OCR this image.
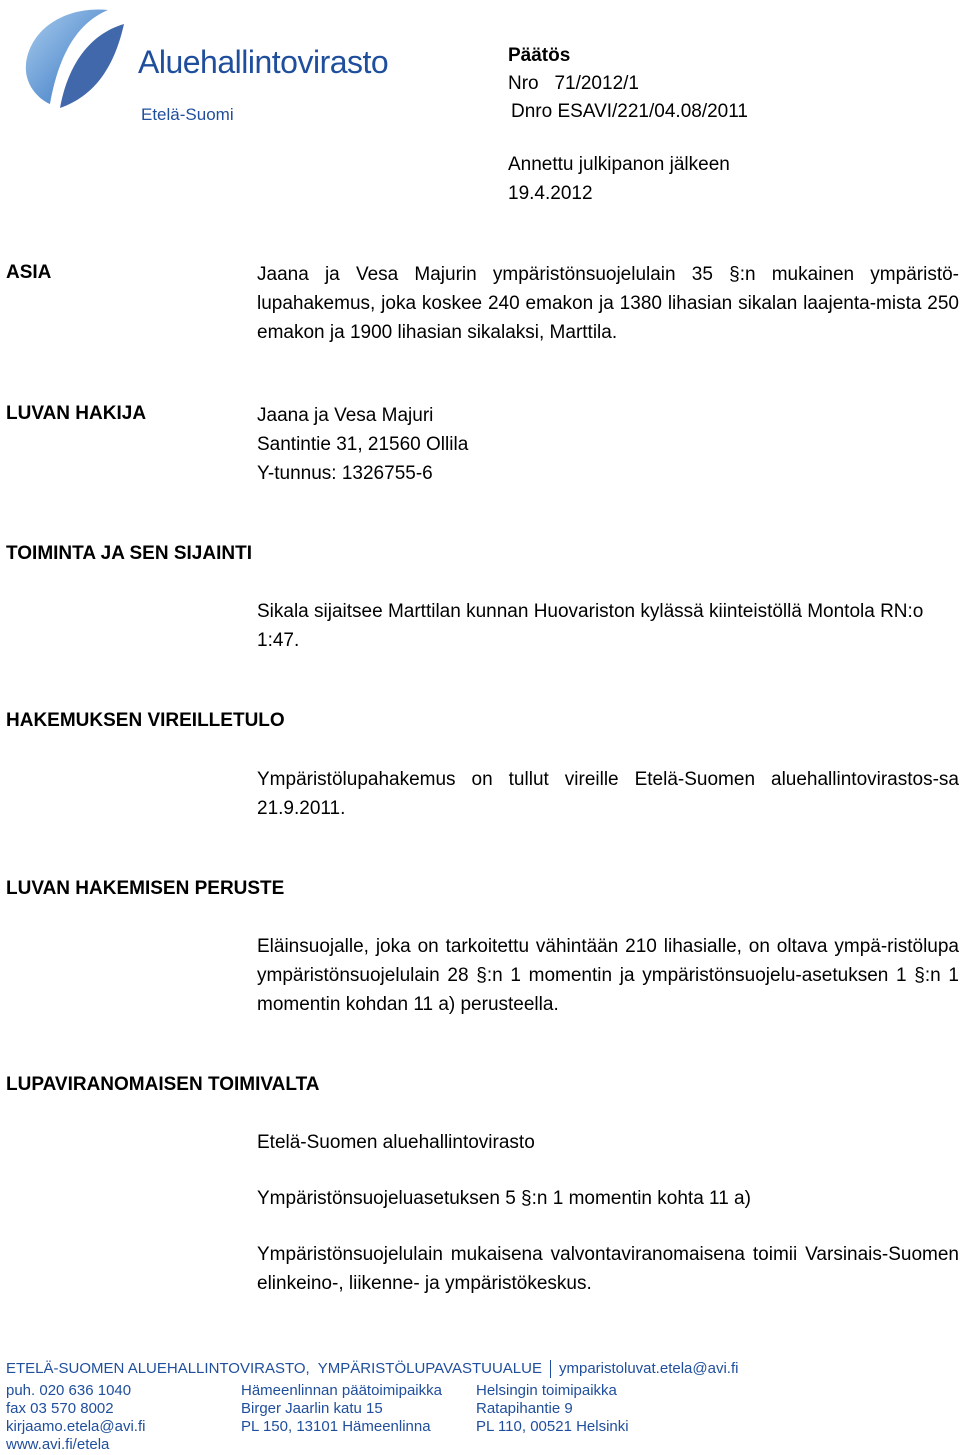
Aluehallintovirasto
Etelä-Suomi
Päätös
Nro   71/2012/1
Dnro ESAVI/221/04.08/2011
Annettu julkipanon jälkeen
19.4.2012
ASIA	Jaana ja Vesa Majurin ympäristönsuojelulain 35 §:n mukainen ympäristö-lupahakemus, joka koskee 240 emakon ja 1380 lihasian sikalan laajenta-mista 250 emakon ja 1900 lihasian sikalaksi, Marttila.
LUVAN HAKIJA	Jaana ja Vesa Majuri
Santintie 31, 21560 Ollila
Y-tunnus: 1326755-6
TOIMINTA JA SEN SIJAINTI
Sikala sijaitsee Marttilan kunnan Huovariston kylässä kiinteistöllä Montola RN:o 1:47.
HAKEMUKSEN VIREILLETULO
Ympäristölupahakemus on tullut vireille Etelä-Suomen aluehallintovirastos-sa 21.9.2011.
LUVAN HAKEMISEN PERUSTE
Eläinsuojalle, joka on tarkoitettu vähintään 210 lihasialle, on oltava ympä-ristölupa ympäristönsuojelulain 28 §:n 1 momentin ja ympäristönsuojelu-asetuksen 1 §:n 1 momentin kohdan 11 a) perusteella.
LUPAVIRANOMAISEN TOIMIVALTA
Etelä-Suomen aluehallintovirasto
Ympäristönsuojeluasetuksen 5 §:n 1 momentin kohta 11 a)
Ympäristönsuojelulain mukaisena valvontaviranomaisena toimii Varsinais-Suomen elinkeino-, liikenne- ja ympäristökeskus.
ETELÄ-SUOMEN ALUEHALLINTOVIRASTO,  YMPÄRISTÖLUPAVASTUUALUE ymparistoluvat.etela@avi.fi
puh. 020 636 1040
fax 03 570 8002
kirjaamo.etela@avi.fi
www.avi.fi/etela
Hämeenlinnan päätoimipaikka
Birger Jaarlin katu 15
PL 150, 13101 Hämeenlinna
Helsingin toimipaikka
Ratapihantie 9
PL 110, 00521 Helsinki
